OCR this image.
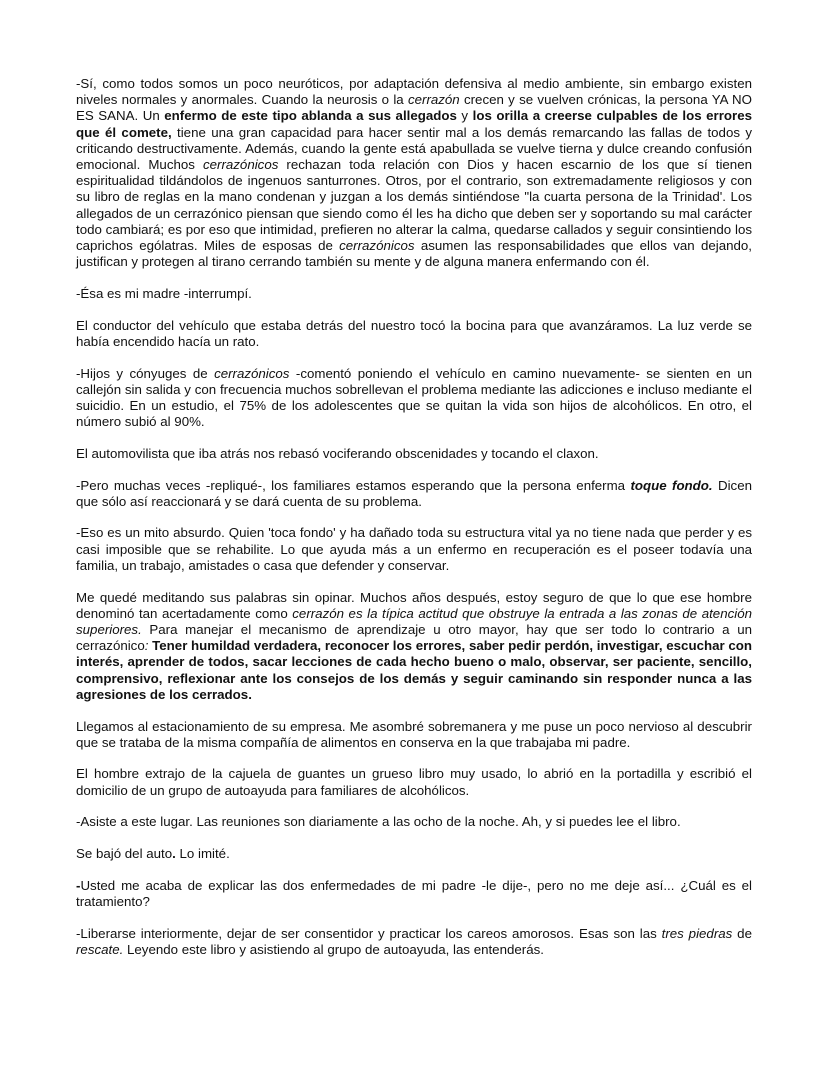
-Sí, como todos somos un poco neuróticos, por adaptación defensiva al medio ambiente, sin embargo existen niveles normales y anormales. Cuando la neurosis o la cerrazón crecen y se vuelven crónicas, la persona YA NO ES SANA. Un enfermo de este tipo ablanda a sus allegados y los orilla a creerse culpables de los errores que él comete, tiene una gran capacidad para hacer sentir mal a los demás remarcando las fallas de todos y criticando destructivamente. Además, cuando la gente está apabullada se vuelve tierna y dulce creando confusión emocional. Muchos cerrazónicos rechazan toda relación con Dios y hacen escarnio de los que sí tienen espiritualidad tildándolos de ingenuos santurrones. Otros, por el contrario, son extremadamente religiosos y con su libro de reglas en la mano condenan y juzgan a los demás sintiéndose "la cuarta persona de la Trinidad'. Los allegados de un cerrazónico piensan que siendo como él les ha dicho que deben ser y soportando su mal carácter todo cambiará; es por eso que intimidad, prefieren no alterar la calma, quedarse callados y seguir consintiendo los caprichos ególatras. Miles de esposas de cerrazónicos asumen las responsabilidades que ellos van dejando, justifican y protegen al tirano cerrando también su mente y de alguna manera enfermando con él.

-Ésa es mi madre -interrumpí.

El conductor del vehículo que estaba detrás del nuestro tocó la bocina para que avanzáramos. La luz verde se había encendido hacía un rato.

-Hijos y cónyuges de cerrazónicos -comentó poniendo el vehículo en camino nuevamente- se sienten en un callejón sin salida y con frecuencia muchos sobrellevan el problema mediante las adicciones e incluso mediante el suicidio. En un estudio, el 75% de los adolescentes que se quitan la vida son hijos de alcohólicos. En otro, el número subió al 90%.

El automovilista que iba atrás nos rebasó vociferando obscenidades y tocando el claxon.

-Pero muchas veces -repliqué-, los familiares estamos esperando que la persona enferma toque fondo. Dicen que sólo así reaccionará y se dará cuenta de su problema.

-Eso es un mito absurdo. Quien 'toca fondo' y ha dañado toda su estructura vital ya no tiene nada que perder y es casi imposible que se rehabilite. Lo que ayuda más a un enfermo en recuperación es el poseer todavía una familia, un trabajo, amistades o casa que defender y conservar.

Me quedé meditando sus palabras sin opinar. Muchos años después, estoy seguro de que lo que ese hombre denominó tan acertadamente como cerrazón es la típica actitud que obstruye la entrada a las zonas de atención superiores. Para manejar el mecanismo de aprendizaje u otro mayor, hay que ser todo lo contrario a un cerrazónico: Tener humildad verdadera, reconocer los errores, saber pedir perdón, investigar, escuchar con interés, aprender de todos, sacar lecciones de cada hecho bueno o malo, observar, ser paciente, sencillo, comprensivo, reflexionar ante los consejos de los demás y seguir caminando sin responder nunca a las agresiones de los cerrados.

Llegamos al estacionamiento de su empresa. Me asombré sobremanera y me puse un poco nervioso al descubrir que se trataba de la misma compañía de alimentos en conserva en la que trabajaba mi padre.

El hombre extrajo de la cajuela de guantes un grueso libro muy usado, lo abrió en la portadilla y escribió el domicilio de un grupo de autoayuda para familiares de alcohólicos.

-Asiste a este lugar. Las reuniones son diariamente a las ocho de la noche. Ah, y si puedes lee el libro.

Se bajó del auto. Lo imité.

-Usted me acaba de explicar las dos enfermedades de mi padre -le dije-, pero no me deje así... ¿Cuál es el tratamiento?

-Liberarse interiormente, dejar de ser consentidor y practicar los careos amorosos. Esas son las tres piedras de rescate. Leyendo este libro y asistiendo al grupo de autoayuda, las entenderás.
